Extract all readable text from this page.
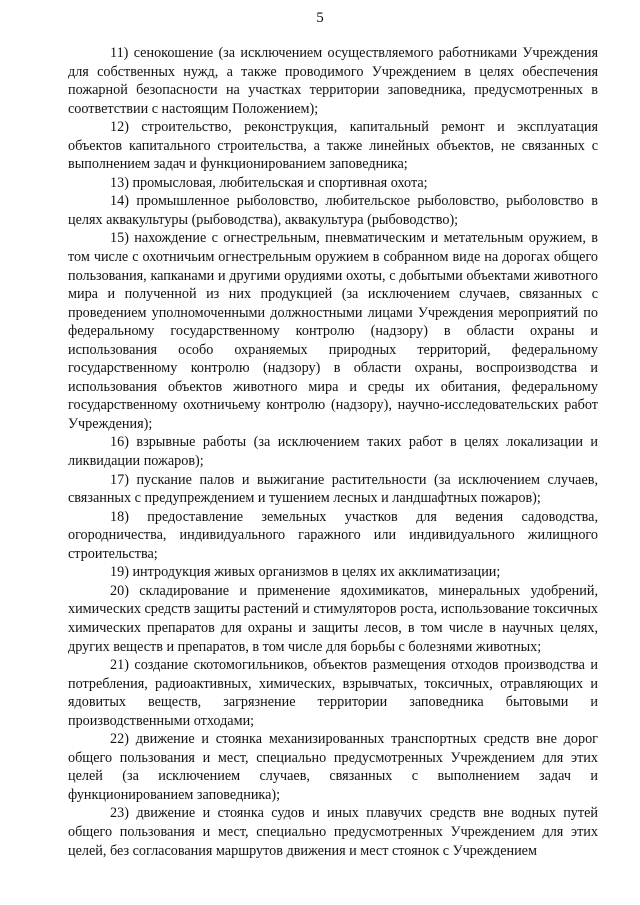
5

11) сенокошение (за исключением осуществляемого работниками Учреждения для собственных нужд, а также проводимого Учреждением в целях обеспечения пожарной безопасности на участках территории заповедника, предусмотренных в соответствии с настоящим Положением);

12) строительство, реконструкция, капитальный ремонт и эксплуатация объектов капитального строительства, а также линейных объектов, не связанных с выполнением задач и функционированием заповедника;

13) промысловая, любительская и спортивная охота;

14) промышленное рыболовство, любительское рыболовство, рыболовство в целях аквакультуры (рыбоводства), аквакультура (рыбоводство);

15) нахождение с огнестрельным, пневматическим и метательным оружием, в том числе с охотничьим огнестрельным оружием в собранном виде на дорогах общего пользования, капканами и другими орудиями охоты, с добытыми объектами животного мира и полученной из них продукцией (за исключением случаев, связанных с проведением уполномоченными должностными лицами Учреждения мероприятий по федеральному государственному контролю (надзору) в области охраны и использования особо охраняемых природных территорий, федеральному государственному контролю (надзору) в области охраны, воспроизводства и использования объектов животного мира и среды их обитания, федеральному государственному охотничьему контролю (надзору), научно-исследовательских работ Учреждения);

16) взрывные работы (за исключением таких работ в целях локализации и ликвидации пожаров);

17) пускание палов и выжигание растительности (за исключением случаев, связанных с предупреждением и тушением лесных и ландшафтных пожаров);

18) предоставление земельных участков для ведения садоводства, огородничества, индивидуального гаражного или индивидуального жилищного строительства;

19) интродукция живых организмов в целях их акклиматизации;

20) складирование и применение ядохимикатов, минеральных удобрений, химических средств защиты растений и стимуляторов роста, использование токсичных химических препаратов для охраны и защиты лесов, в том числе в научных целях, других веществ и препаратов, в том числе для борьбы с болезнями животных;

21) создание скотомогильников, объектов размещения отходов производства и потребления, радиоактивных, химических, взрывчатых, токсичных, отравляющих и ядовитых веществ, загрязнение территории заповедника бытовыми и производственными отходами;

22) движение и стоянка механизированных транспортных средств вне дорог общего пользования и мест, специально предусмотренных Учреждением для этих целей (за исключением случаев, связанных с выполнением задач и функционированием заповедника);

23) движение и стоянка судов и иных плавучих средств вне водных путей общего пользования и мест, специально предусмотренных Учреждением для этих целей, без согласования маршрутов движения и мест стоянок с Учреждением
